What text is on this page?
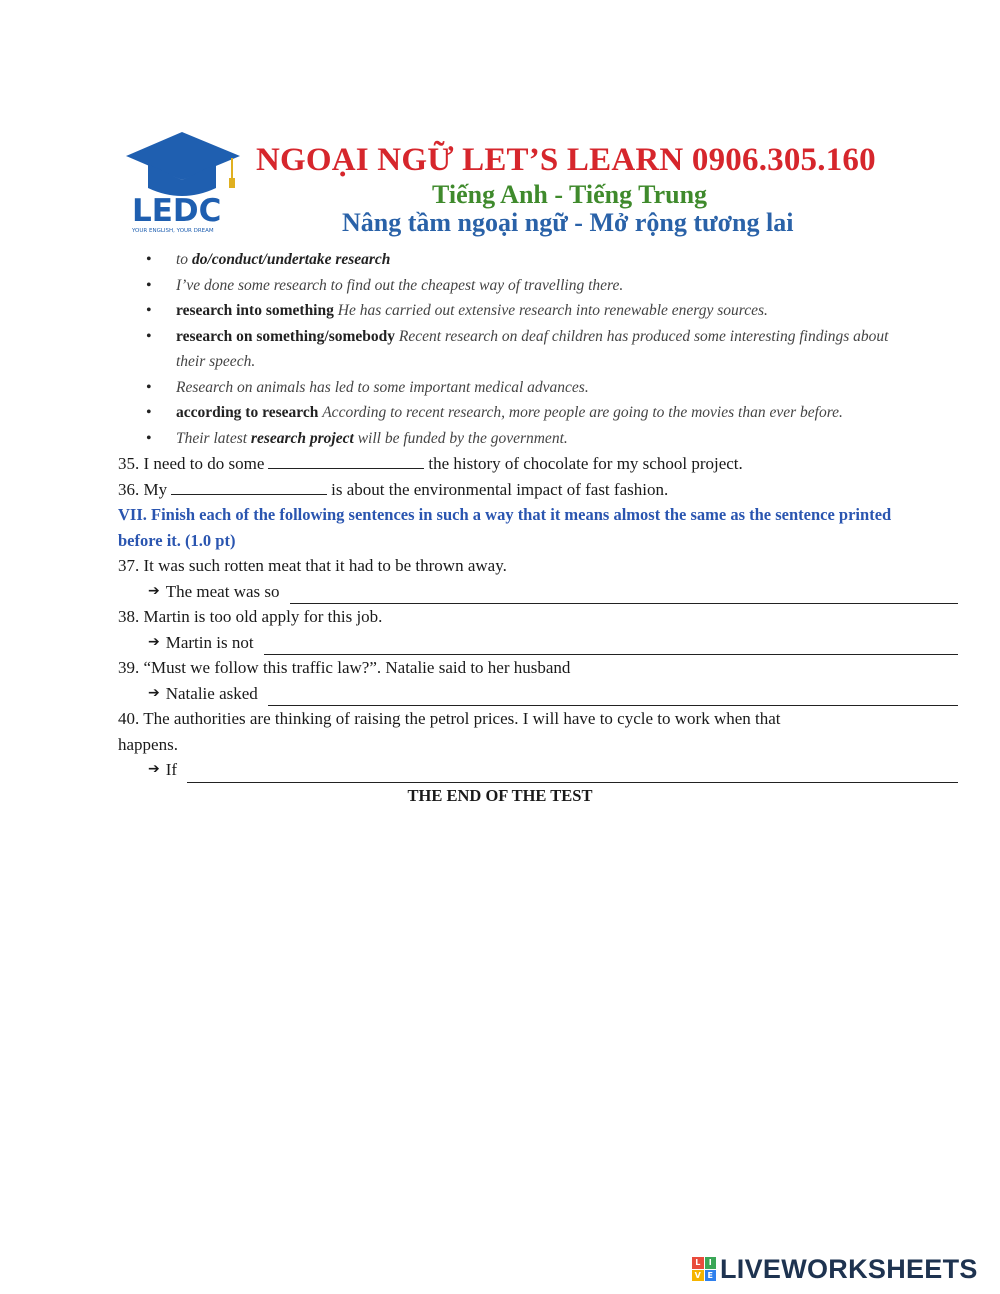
LEDC
YOUR ENGLISH, YOUR DREAM

NGOẠI NGỮ LET’S LEARN 0906.305.160

Tiếng Anh - Tiếng Trung

Nâng tầm ngoại ngữ - Mở rộng tương lai

• to do/conduct/undertake research
• I’ve done some research to find out the cheapest way of travelling there.
• research into something He has carried out extensive research into renewable energy sources.
• research on something/somebody Recent research on deaf children has produced some interesting findings about their speech.
• Research on animals has led to some important medical advances.
• according to research According to recent research, more people are going to the movies than ever before.
• Their latest research project will be funded by the government.

35. I need to do some	the history of chocolate for my school project.

36. My	is about the environmental impact of fast fashion.

VII. Finish each of the following sentences in such a way that it means almost the same as the sentence printed before it. (1.0 pt)

37. It was such rotten meat that it had to be thrown away.

➔ The meat was so

38. Martin is too old apply for this job.

➔ Martin is not

39. “Must we follow this traffic law?”. Natalie said to her husband

➔ Natalie asked

40. The authorities are thinking of raising the petrol prices. I will have to cycle to work when that happens.

➔ If

THE END OF THE TEST

L	I
V E LIVEWORKSHEETS
